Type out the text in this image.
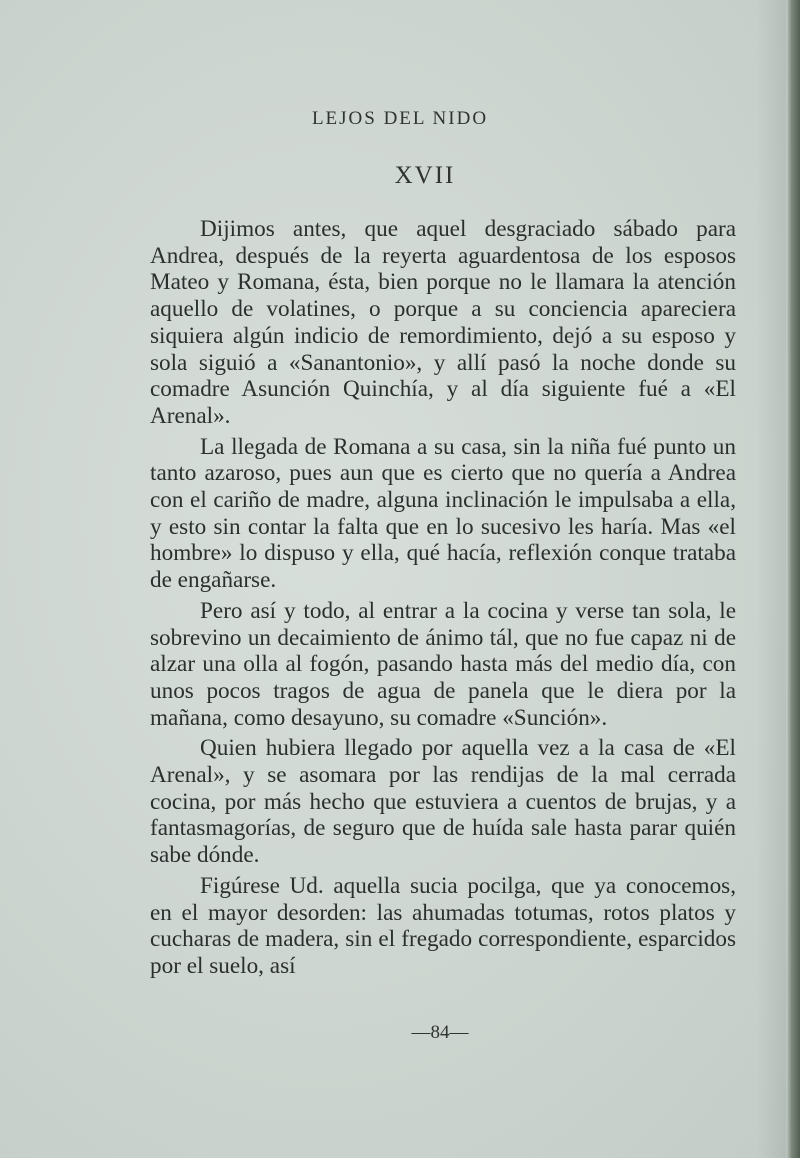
LEJOS DEL NIDO
XVII

Dijimos antes, que aquel desgraciado sábado para Andrea, después de la reyerta aguardentosa de los esposos Mateo y Romana, ésta, bien porque no le llamara la atención aquello de volatines, o porque a su conciencia apareciera siquiera algún indicio de remordimiento, dejó a su esposo y sola siguió a «Sanantonio», y allí pasó la noche donde su comadre Asunción Quinchía, y al día siguiente fué a «El Arenal».

La llegada de Romana a su casa, sin la niña fué punto un tanto azaroso, pues aun que es cierto que no quería a Andrea con el cariño de madre, alguna inclinación le impulsaba a ella, y esto sin contar la falta que en lo sucesivo les haría. Mas «el hombre» lo dispuso y ella, qué hacía, reflexión conque trataba de engañarse.

Pero así y todo, al entrar a la cocina y verse tan sola, le sobrevino un decaimiento de ánimo tál, que no fue capaz ni de alzar una olla al fogón, pasando hasta más del medio día, con unos pocos tragos de agua de panela que le diera por la mañana, como desayuno, su comadre «Sunción».

Quien hubiera llegado por aquella vez a la casa de «El Arenal», y se asomara por las rendijas de la mal cerrada cocina, por más hecho que estuviera a cuentos de brujas, y a fantasmagorías, de seguro que de huída sale hasta parar quién sabe dónde.

Figúrese Ud. aquella sucia pocilga, que ya conocemos, en el mayor desorden: las ahumadas totumas, rotos platos y cucharas de madera, sin el fregado correspondiente, esparcidos por el suelo, así

—84—
